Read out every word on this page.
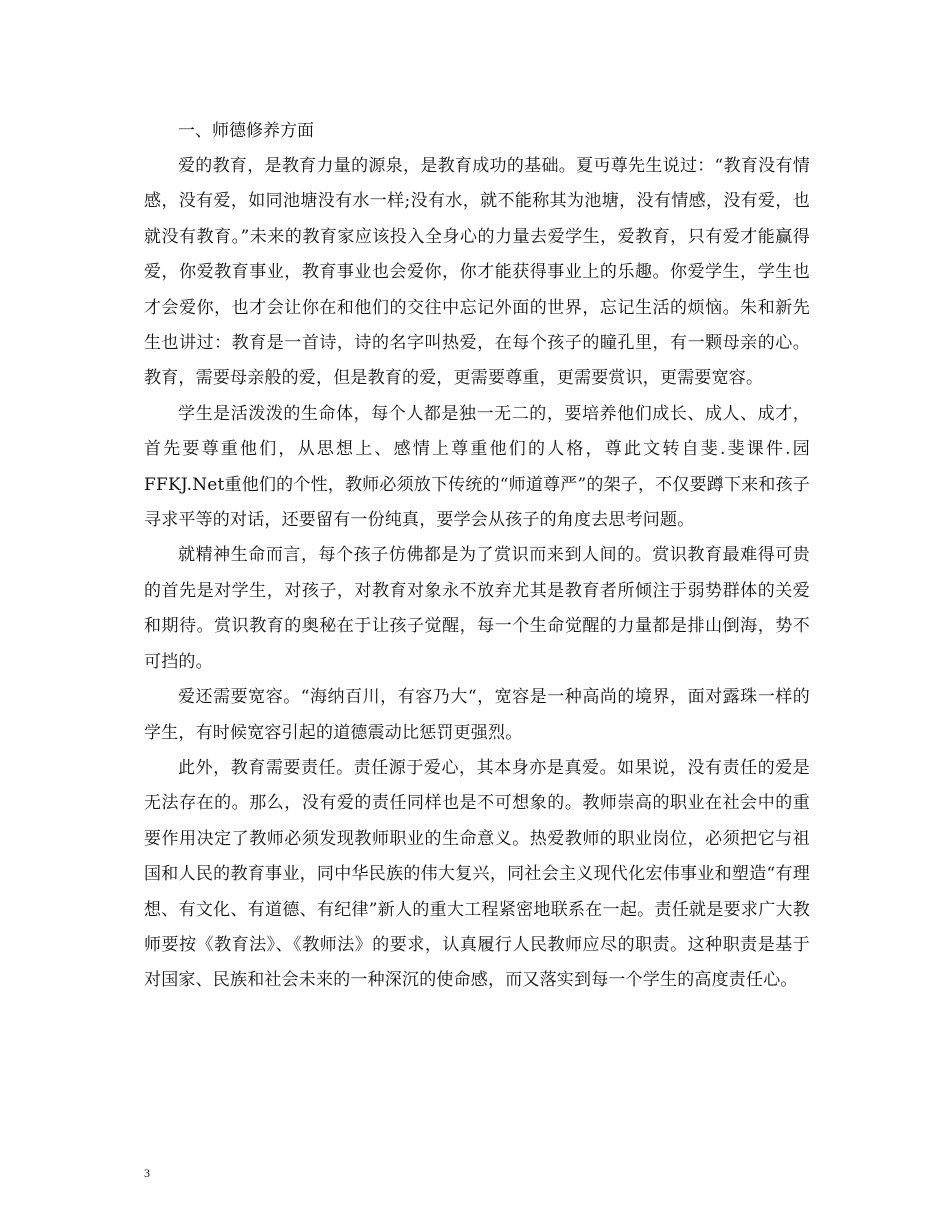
一、师德修养方面

爱的教育，是教育力量的源泉，是教育成功的基础。夏丏尊先生说过：“教育没有情感，没有爱，如同池塘没有水一样;没有水，就不能称其为池塘，没有情感，没有爱，也就没有教育。”未来的教育家应该投入全身心的力量去爱学生，爱教育，只有爱才能赢得爱，你爱教育事业，教育事业也会爱你，你才能获得事业上的乐趣。你爱学生，学生也才会爱你，也才会让你在和他们的交往中忘记外面的世界，忘记生活的烦恼。朱和新先生也讲过：教育是一首诗，诗的名字叫热爱，在每个孩子的瞳孔里，有一颗母亲的心。教育，需要母亲般的爱，但是教育的爱，更需要尊重，更需要赏识，更需要宽容。

学生是活泼泼的生命体，每个人都是独一无二的，要培养他们成长、成人、成才，首先要尊重他们，从思想上、感情上尊重他们的人格，尊此文转自斐.斐课件.园 FFKJ.Net重他们的个性，教师必须放下传统的“师道尊严”的架子，不仅要蹲下来和孩子寻求平等的对话，还要留有一份纯真，要学会从孩子的角度去思考问题。

就精神生命而言，每个孩子仿佛都是为了赏识而来到人间的。赏识教育最难得可贵的首先是对学生，对孩子，对教育对象永不放弃尤其是教育者所倾注于弱势群体的关爱和期待。赏识教育的奥秘在于让孩子觉醒，每一个生命觉醒的力量都是排山倒海，势不可挡的。

爱还需要宽容。“海纳百川，有容乃大“，宽容是一种高尚的境界，面对露珠一样的学生，有时候宽容引起的道德震动比惩罚更强烈。

此外，教育需要责任。责任源于爱心，其本身亦是真爱。如果说，没有责任的爱是无法存在的。那么，没有爱的责任同样也是不可想象的。教师崇高的职业在社会中的重要作用决定了教师必须发现教师职业的生命意义。热爱教师的职业岗位，必须把它与祖国和人民的教育事业，同中华民族的伟大复兴，同社会主义现代化宏伟事业和塑造“有理想、有文化、有道德、有纪律”新人的重大工程紧密地联系在一起。责任就是要求广大教师要按《教育法》、《教师法》的要求，认真履行人民教师应尽的职责。这种职责是基于对国家、民族和社会未来的一种深沉的使命感，而又落实到每一个学生的高度责任心。

3
